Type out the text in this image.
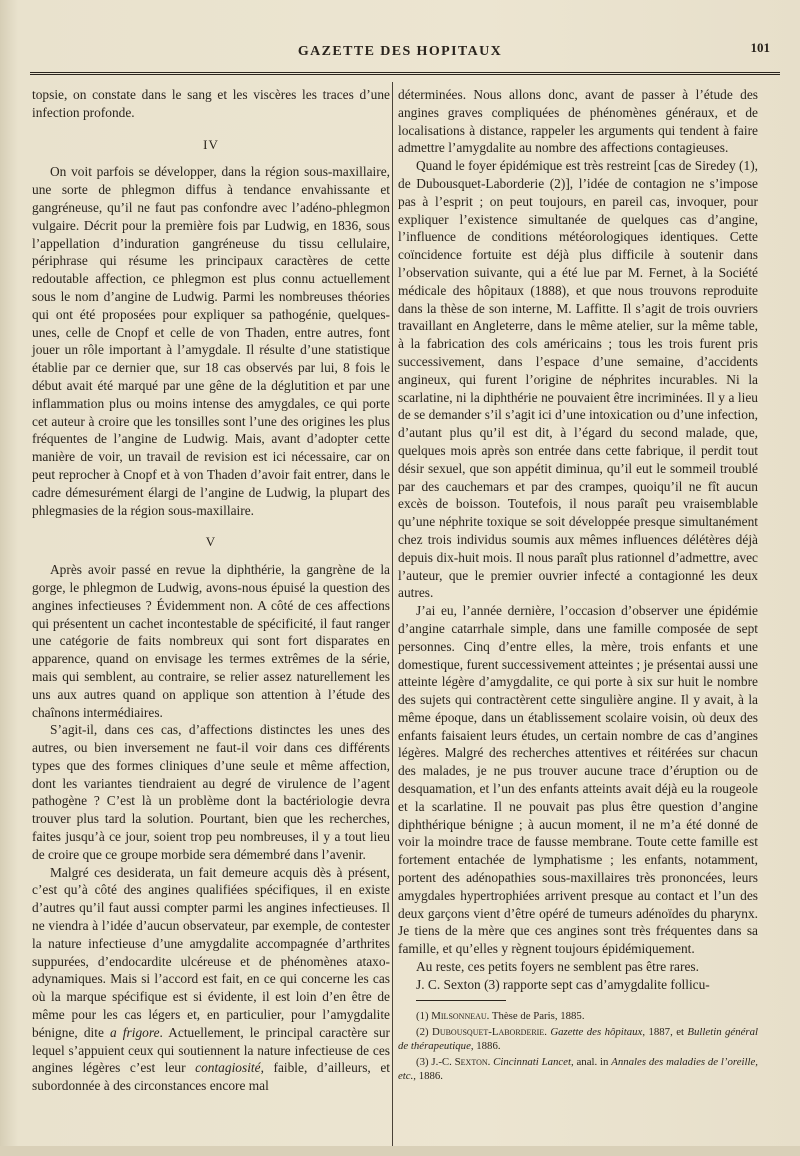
GAZETTE DES HOPITAUX	101

topsie, on constate dans le sang et les viscères les traces d’une infection profonde.

IV

On voit parfois se développer, dans la région sous-maxillaire, une sorte de phlegmon diffus à tendance envahissante et gangréneuse, qu’il ne faut pas confondre avec l’adéno-phlegmon vulgaire. Décrit pour la première fois par Ludwig, en 1836, sous l’appellation d’induration gangréneuse du tissu cellulaire, périphrase qui résume les principaux caractères de cette redoutable affection, ce phlegmon est plus connu actuellement sous le nom d’angine de Ludwig. Parmi les nombreuses théories qui ont été proposées pour expliquer sa pathogénie, quelques-unes, celle de Cnopf et celle de von Thaden, entre autres, font jouer un rôle important à l’amygdale. Il résulte d’une statistique établie par ce dernier que, sur 18 cas observés par lui, 8 fois le début avait été marqué par une gêne de la déglutition et par une inflammation plus ou moins intense des amygdales, ce qui porte cet auteur à croire que les tonsilles sont l’une des origines les plus fréquentes de l’angine de Ludwig. Mais, avant d’adopter cette manière de voir, un travail de revision est ici nécessaire, car on peut reprocher à Cnopf et à von Thaden d’avoir fait entrer, dans le cadre démesurément élargi de l’angine de Ludwig, la plupart des phlegmasies de la région sous-maxillaire.

V

Après avoir passé en revue la diphthérie, la gangrène de la gorge, le phlegmon de Ludwig, avons-nous épuisé la question des angines infectieuses ? Évidemment non. A côté de ces affections qui présentent un cachet incontestable de spécificité, il faut ranger une catégorie de faits nombreux qui sont fort disparates en apparence, quand on envisage les termes extrêmes de la série, mais qui semblent, au contraire, se relier assez naturellement les uns aux autres quand on applique son attention à l’étude des chaînons intermédiaires.

S’agit-il, dans ces cas, d’affections distinctes les unes des autres, ou bien inversement ne faut-il voir dans ces différents types que des formes cliniques d’une seule et même affection, dont les variantes tiendraient au degré de virulence de l’agent pathogène ? C’est là un problème dont la bactériologie devra trouver plus tard la solution. Pourtant, bien que les recherches, faites jusqu’à ce jour, soient trop peu nombreuses, il y a tout lieu de croire que ce groupe morbide sera démembré dans l’avenir.

Malgré ces desiderata, un fait demeure acquis dès à présent, c’est qu’à côté des angines qualifiées spécifiques, il en existe d’autres qu’il faut aussi compter parmi les angines infectieuses. Il ne viendra à l’idée d’aucun observateur, par exemple, de contester la nature infectieuse d’une amygdalite accompagnée d’arthrites suppurées, d’endocardite ulcéreuse et de phénomènes ataxo-adynamiques. Mais si l’accord est fait, en ce qui concerne les cas où la marque spécifique est si évidente, il est loin d’en être de même pour les cas légers et, en particulier, pour l’amygdalite bénigne, dite a frigore. Actuellement, le principal caractère sur lequel s’appuient ceux qui soutiennent la nature infectieuse de ces angines légères c’est leur contagiosité, faible, d’ailleurs, et subordonnée à des circonstances encore mal

déterminées. Nous allons donc, avant de passer à l’étude des angines graves compliquées de phénomènes généraux, et de localisations à distance, rappeler les arguments qui tendent à faire admettre l’amygdalite au nombre des affections contagieuses.

Quand le foyer épidémique est très restreint [cas de Siredey (1), de Dubousquet-Laborderie (2)], l’idée de contagion ne s’impose pas à l’esprit ; on peut toujours, en pareil cas, invoquer, pour expliquer l’existence simultanée de quelques cas d’angine, l’influence de conditions météorologiques identiques. Cette coïncidence fortuite est déjà plus difficile à soutenir dans l’observation suivante, qui a été lue par M. Fernet, à la Société médicale des hôpitaux (1888), et que nous trouvons reproduite dans la thèse de son interne, M. Laffitte. Il s’agit de trois ouvriers travaillant en Angleterre, dans le même atelier, sur la même table, à la fabrication des cols américains ; tous les trois furent pris successivement, dans l’espace d’une semaine, d’accidents angineux, qui furent l’origine de néphrites incurables. Ni la scarlatine, ni la diphthérie ne pouvaient être incriminées. Il y a lieu de se demander s’il s’agit ici d’une intoxication ou d’une infection, d’autant plus qu’il est dit, à l’égard du second malade, que, quelques mois après son entrée dans cette fabrique, il perdit tout désir sexuel, que son appétit diminua, qu’il eut le sommeil troublé par des cauchemars et par des crampes, quoiqu’il ne fît aucun excès de boisson. Toutefois, il nous paraît peu vraisemblable qu’une néphrite toxique se soit développée presque simultanément chez trois individus soumis aux mêmes influences délétères déjà depuis dix-huit mois. Il nous paraît plus rationnel d’admettre, avec l’auteur, que le premier ouvrier infecté a contagionné les deux autres.

J’ai eu, l’année dernière, l’occasion d’observer une épidémie d’angine catarrhale simple, dans une famille composée de sept personnes. Cinq d’entre elles, la mère, trois enfants et une domestique, furent successivement atteintes ; je présentai aussi une atteinte légère d’amygdalite, ce qui porte à six sur huit le nombre des sujets qui contractèrent cette singulière angine. Il y avait, à la même époque, dans un établissement scolaire voisin, où deux des enfants faisaient leurs études, un certain nombre de cas d’angines légères. Malgré des recherches attentives et réitérées sur chacun des malades, je ne pus trouver aucune trace d’éruption ou de desquamation, et l’un des enfants atteints avait déjà eu la rougeole et la scarlatine. Il ne pouvait pas plus être question d’angine diphthérique bénigne ; à aucun moment, il ne m’a été donné de voir la moindre trace de fausse membrane. Toute cette famille est fortement entachée de lymphatisme ; les enfants, notamment, portent des adénopathies sous-maxillaires très prononcées, leurs amygdales hypertrophiées arrivent presque au contact et l’un des deux garçons vient d’être opéré de tumeurs adénoïdes du pharynx. Je tiens de la mère que ces angines sont très fréquentes dans sa famille, et qu’elles y règnent toujours épidémiquement.

Au reste, ces petits foyers ne semblent pas être rares.

J. C. Sexton (3) rapporte sept cas d’amygdalite follicu-

(1) Milsonneau. Thèse de Paris, 1885.

(2) Dubousquet-Laborderie. Gazette des hôpitaux, 1887, et Bulletin général de thérapeutique, 1886.

(3) J.-C. Sexton. Cincinnati Lancet, anal. in Annales des maladies de l’oreille, etc., 1886.
